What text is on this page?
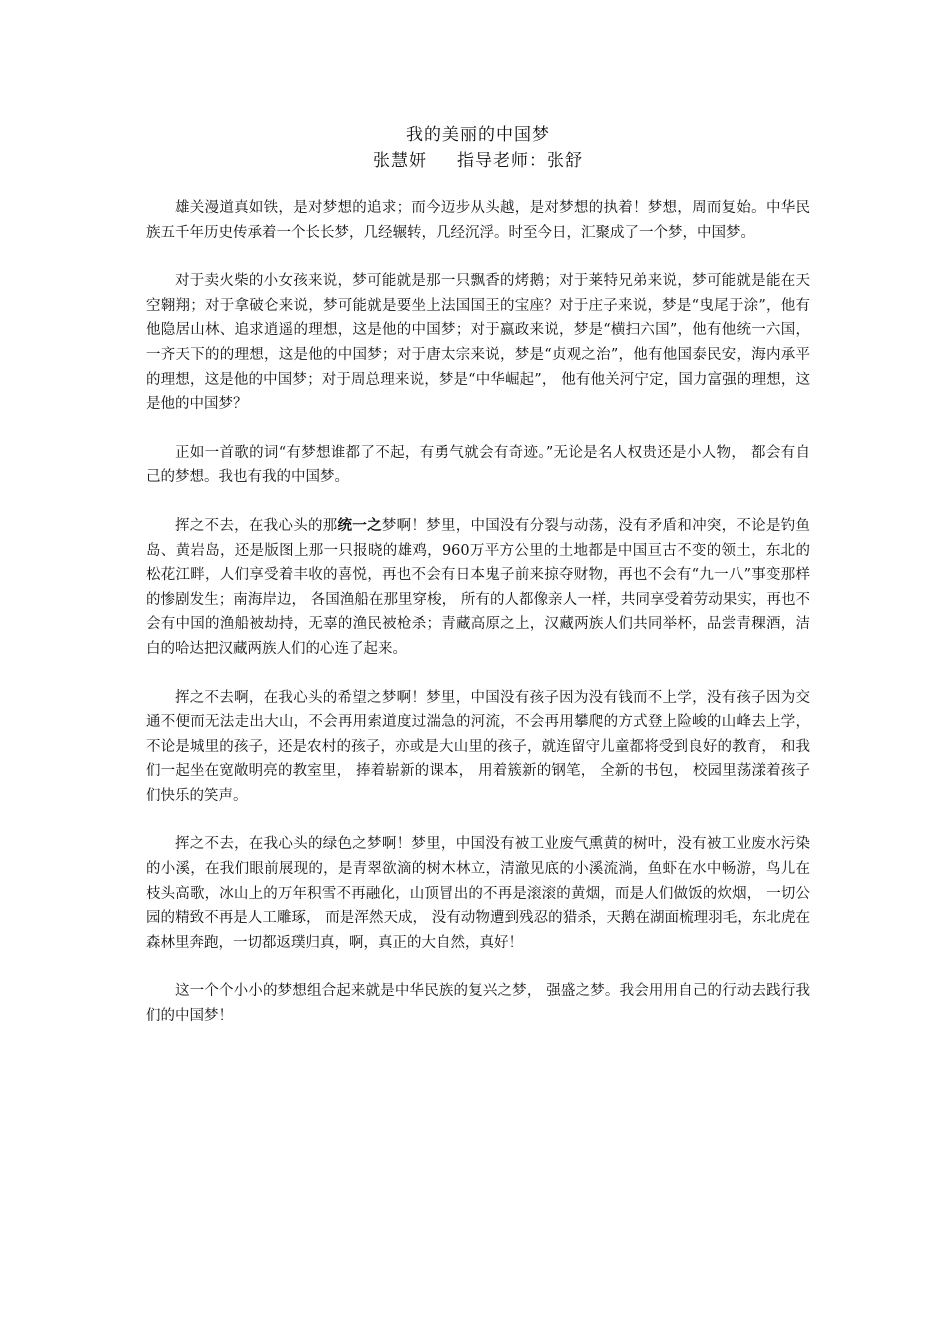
我的美丽的中国梦

张慧妍 指导老师：张舒

雄关漫道真如铁，是对梦想的追求；而今迈步从头越，是对梦想的执着！梦想，周而复始。中华民族五千年历史传承着一个长长梦，几经辗转，几经沉浮。时至今日，汇聚成了一个梦，中国梦。

对于卖火柴的小女孩来说，梦可能就是那一只飘香的烤鹅；对于莱特兄弟来说，梦可能就是能在天空翱翔；对于拿破仑来说，梦可能就是要坐上法国国王的宝座？对于庄子来说，梦是“曳尾于涂”，他有他隐居山林、追求逍遥的理想，这是他的中国梦；对于嬴政来说，梦是“横扫六国”，他有他统一六国，一齐天下的的理想，这是他的中国梦；对于唐太宗来说，梦是“贞观之治”，他有他国泰民安，海内承平的理想，这是他的中国梦；对于周总理来说，梦是“中华崛起”， 他有他关河宁定，国力富强的理想，这是他的中国梦？

正如一首歌的词“有梦想谁都了不起，有勇气就会有奇迹。”无论是名人权贵还是小人物， 都会有自己的梦想。我也有我的中国梦。

挥之不去，在我心头的那统一之梦啊！梦里，中国没有分裂与动荡，没有矛盾和冲突，不论是钓鱼岛、黄岩岛，还是版图上那一只报晓的雄鸡，960万平方公里的土地都是中国亘古不变的领土，东北的松花江畔，人们享受着丰收的喜悦，再也不会有日本鬼子前来掠夺财物，再也不会有“九一八”事变那样的惨剧发生；南海岸边， 各国渔船在那里穿梭， 所有的人都像亲人一样，共同享受着劳动果实，再也不会有中国的渔船被劫持，无辜的渔民被枪杀；青藏高原之上，汉藏两族人们共同举杯，品尝青稞酒，洁白的哈达把汉藏两族人们的心连了起来。

挥之不去啊，在我心头的希望之梦啊！梦里，中国没有孩子因为没有钱而不上学，没有孩子因为交通不便而无法走出大山，不会再用索道度过湍急的河流，不会再用攀爬的方式登上险峻的山峰去上学，不论是城里的孩子，还是农村的孩子，亦或是大山里的孩子，就连留守儿童都将受到良好的教育， 和我们一起坐在宽敞明亮的教室里， 捧着崭新的课本， 用着簇新的钢笔， 全新的书包， 校园里荡漾着孩子们快乐的笑声。

挥之不去，在我心头的绿色之梦啊！梦里，中国没有被工业废气熏黄的树叶，没有被工业废水污染的小溪，在我们眼前展现的，是青翠欲滴的树木林立，清澈见底的小溪流淌，鱼虾在水中畅游，鸟儿在枝头高歌，冰山上的万年积雪不再融化，山顶冒出的不再是滚滚的黄烟，而是人们做饭的炊烟， 一切公园的精致不再是人工雕琢， 而是浑然天成， 没有动物遭到残忍的猎杀，天鹅在湖面梳理羽毛，东北虎在森林里奔跑，一切都返璞归真，啊，真正的大自然，真好！

这一个个小小的梦想组合起来就是中华民族的复兴之梦， 强盛之梦。我会用用自己的行动去践行我们的中国梦！
